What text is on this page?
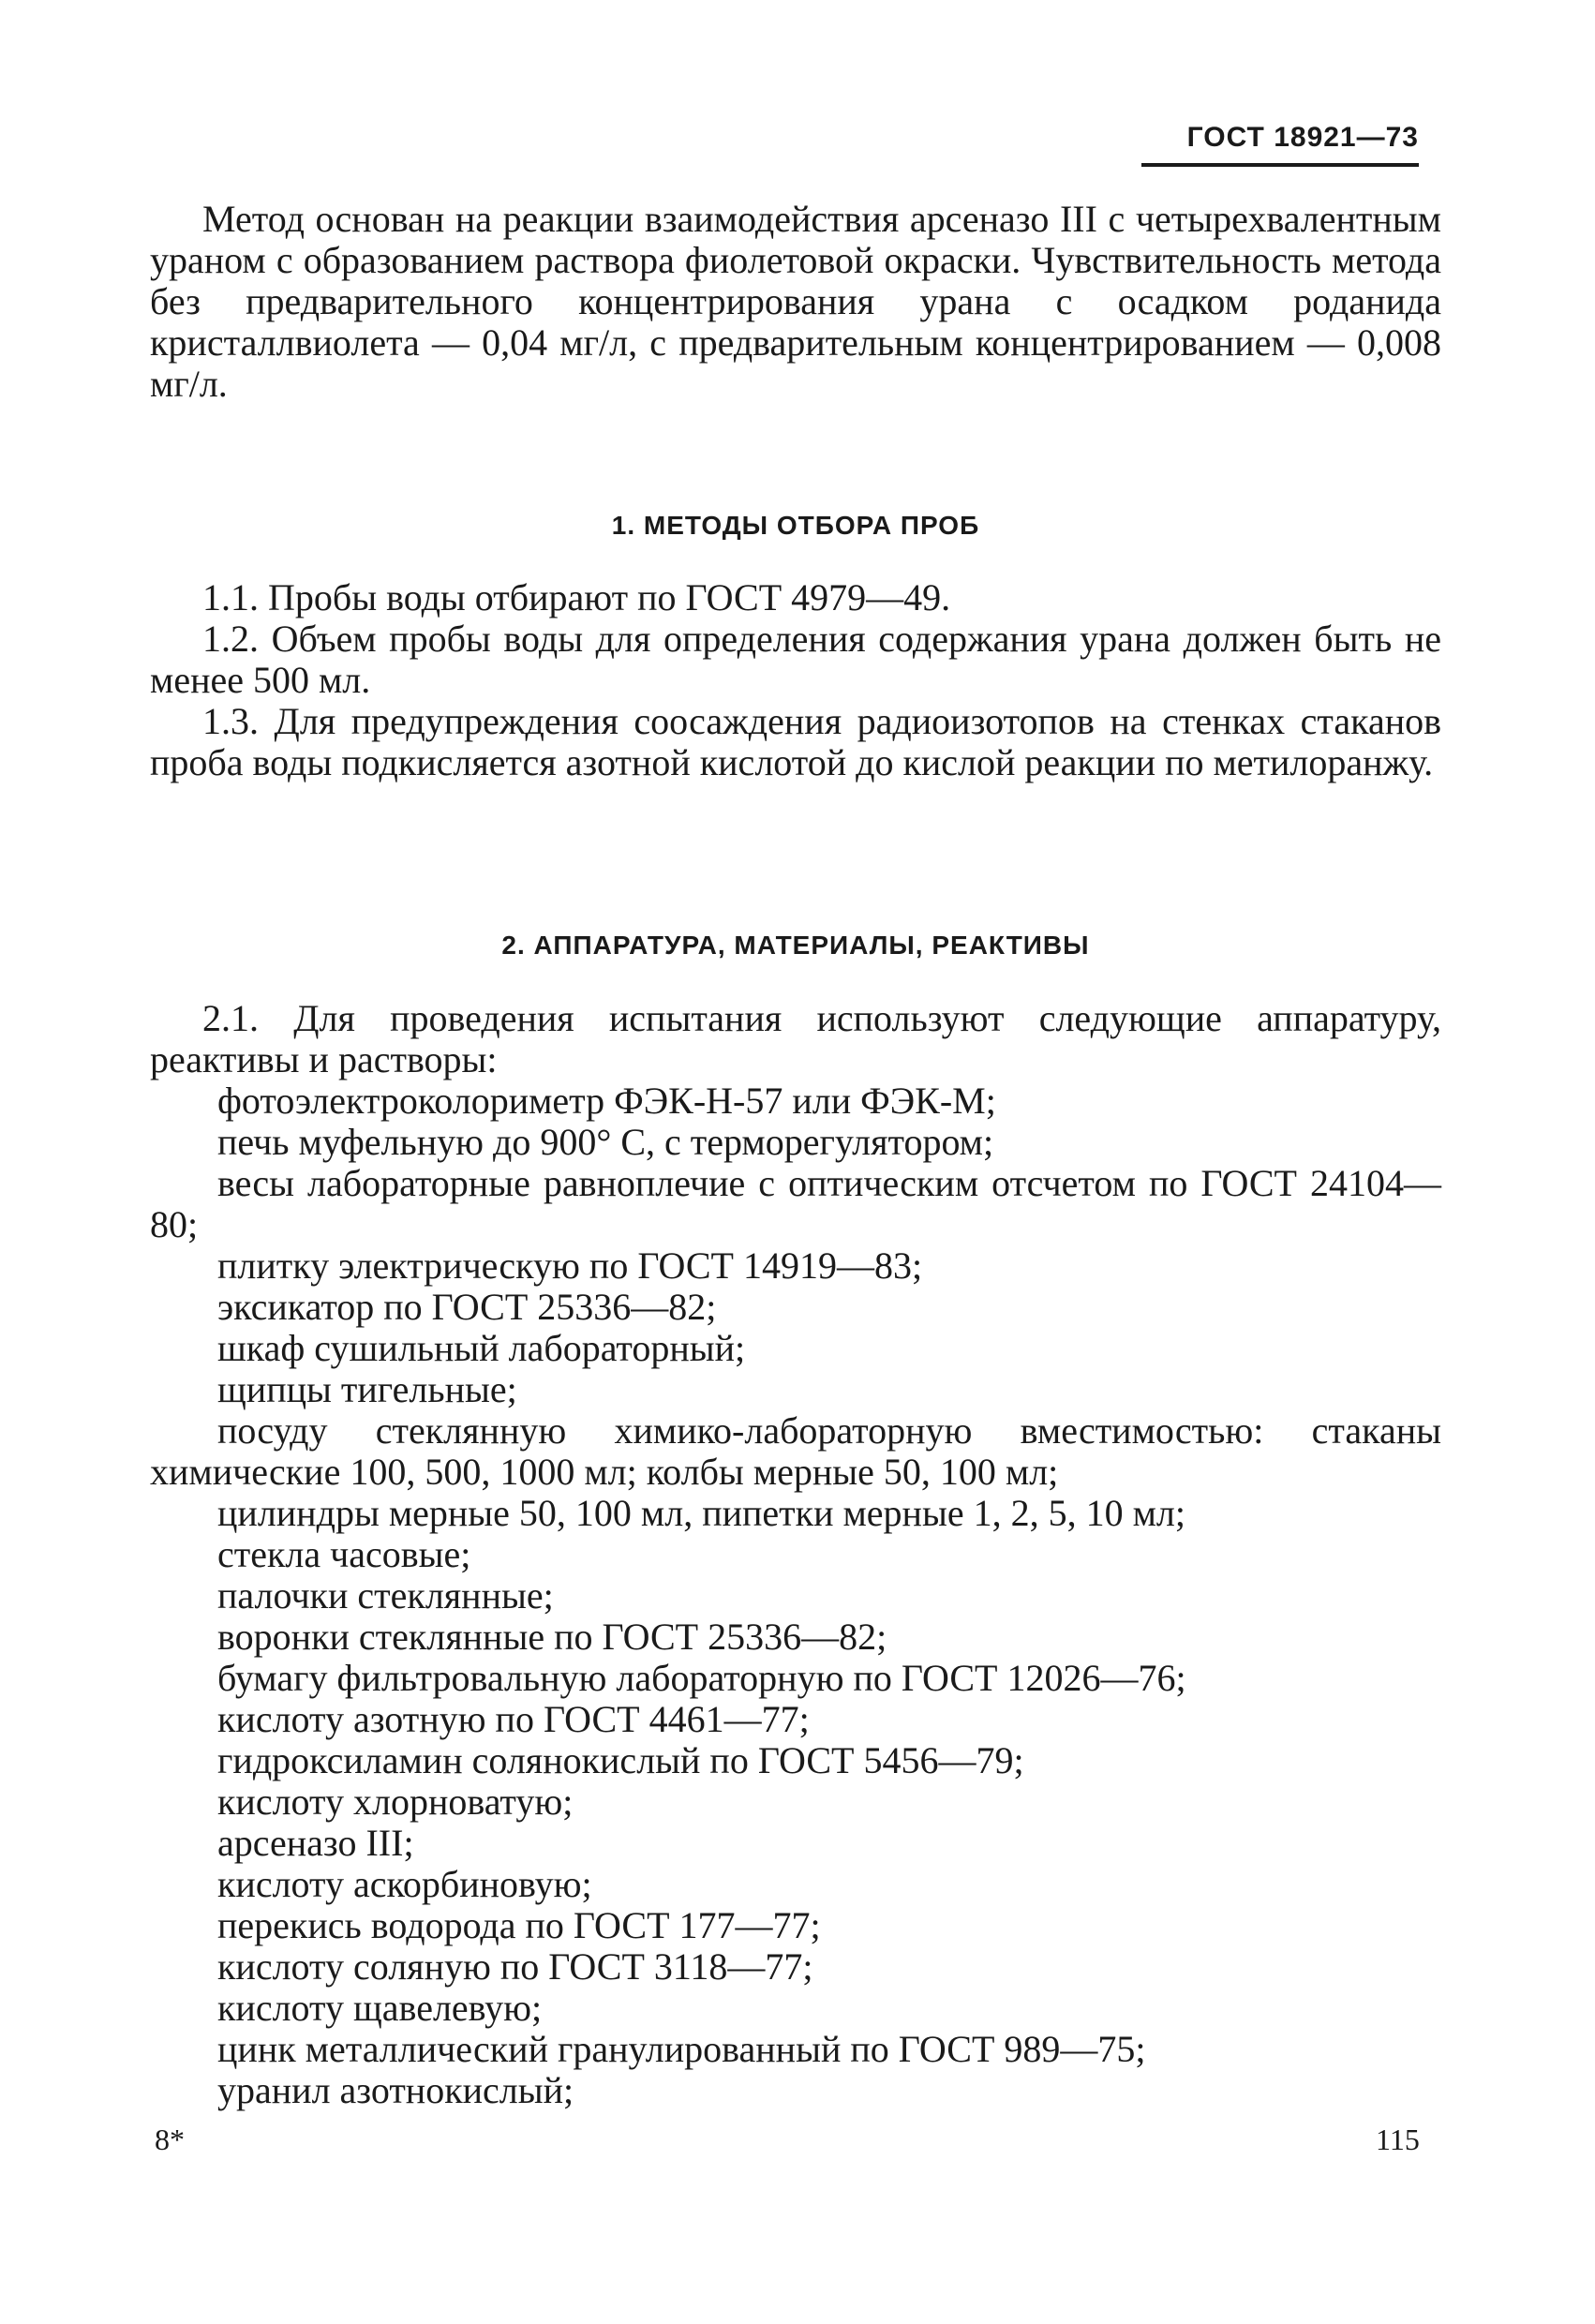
ГОСТ 18921—73

Метод основан на реакции взаимодействия арсеназо III с четырехвалентным ураном с образованием раствора фиолетовой окраски. Чувствительность метода без предварительного концентрирования урана с осадком роданида кристаллвиолета — 0,04 мг/л, с предварительным концентрированием — 0,008 мг/л.

1. МЕТОДЫ ОТБОРА ПРОБ

1.1. Пробы воды отбирают по ГОСТ 4979—49.

1.2. Объем пробы воды для определения содержания урана должен быть не менее 500 мл.

1.3. Для предупреждения соосаждения радиоизотопов на стенках стаканов проба воды подкисляется азотной кислотой до кислой реакции по метилоранжу.

2. АППАРАТУРА, МАТЕРИАЛЫ, РЕАКТИВЫ

2.1. Для проведения испытания используют следующие аппаратуру, реактивы и растворы:

фотоэлектроколориметр ФЭК-Н-57 или ФЭК-М;

печь муфельную до 900° С, с терморегулятором;

весы лабораторные равноплечие с оптическим отсчетом по ГОСТ 24104—80;

плитку электрическую по ГОСТ 14919—83;

эксикатор по ГОСТ 25336—82;

шкаф сушильный лабораторный;

щипцы тигельные;

посуду стеклянную химико-лабораторную вместимостью: стаканы химические 100, 500, 1000 мл; колбы мерные 50, 100 мл;

цилиндры мерные 50, 100 мл, пипетки мерные 1, 2, 5, 10 мл;

стекла часовые;

палочки стеклянные;

воронки стеклянные по ГОСТ 25336—82;

бумагу фильтровальную лабораторную по ГОСТ 12026—76;

кислоту азотную по ГОСТ 4461—77;

гидроксиламин солянокислый по ГОСТ 5456—79;

кислоту хлорноватую;

арсеназо III;

кислоту аскорбиновую;

перекись водорода по ГОСТ 177—77;

кислоту соляную по ГОСТ 3118—77;

кислоту щавелевую;

цинк металлический гранулированный по ГОСТ 989—75;

уранил азотнокислый;

8*	115
